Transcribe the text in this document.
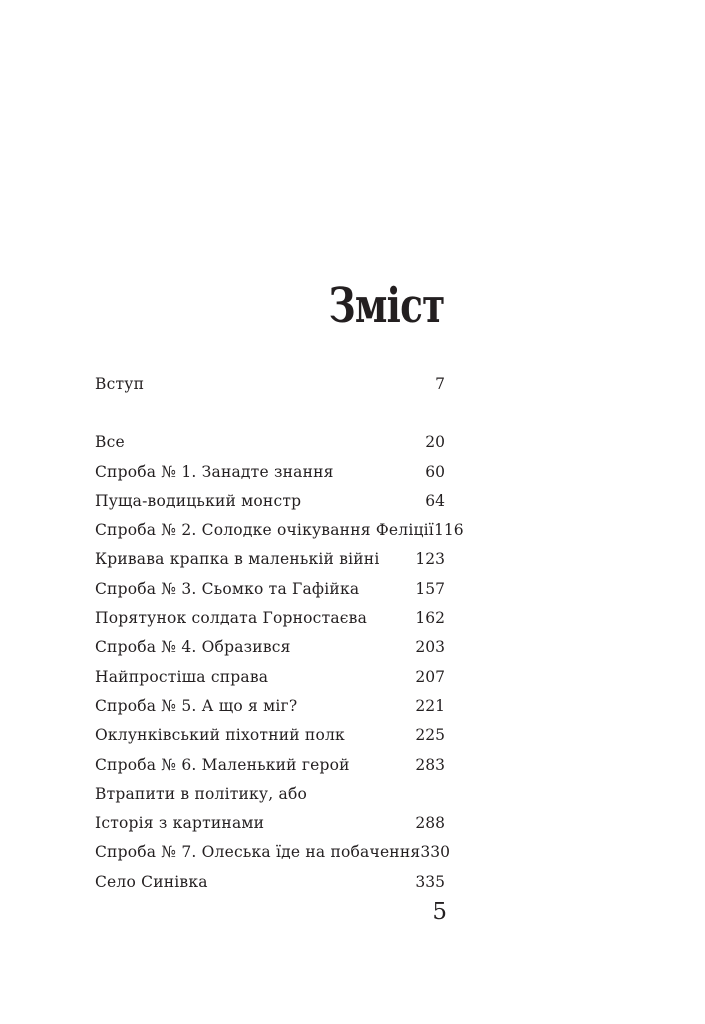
Зміст
Вступ	7
Все	20
Спроба № 1. Занадте знання	60
Пуща-водицький монстр	64
Спроба № 2. Солодке очікування Феліції 116
Кривава крапка в маленькій війні 123
Спроба № 3. Сьомко та Гафійка	157
Порятунок солдата Горностаєва	162
Спроба № 4. Образився	203
Найпростіша справа	207
Спроба № 5. А що я міг?	221
Оклунківський піхотний полк	225
Спроба № 6. Маленький герой	283
Втрапити в політику, або
Історія з картинами	288
Спроба № 7. Олеська їде на побачення 330
Село Синівка	335
5
